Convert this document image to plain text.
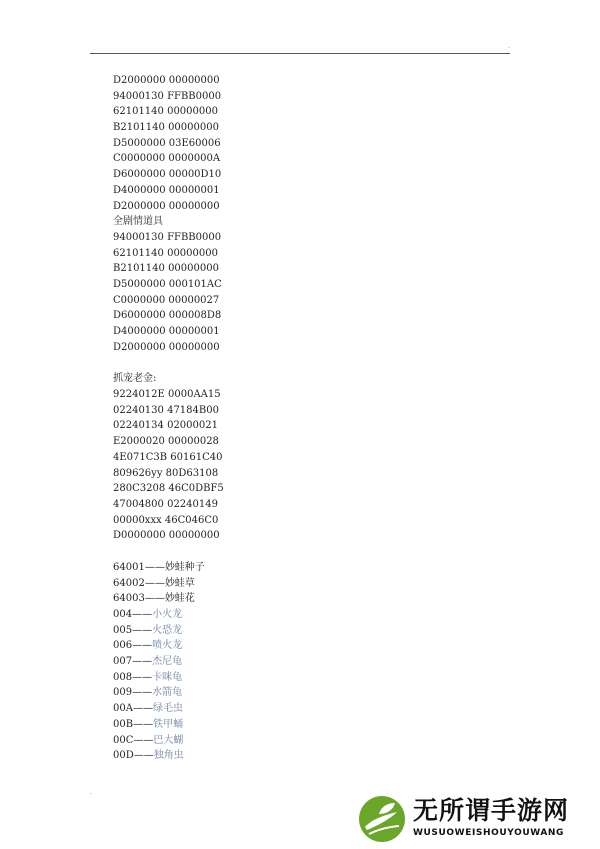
.
D2000000 00000000
94000130 FFBB0000
62101140 00000000
B2101140 00000000
D5000000 03E60006
C0000000 0000000A
D6000000 00000D10
D4000000 00000001
D2000000 00000000
全剧情道具
94000130 FFBB0000
62101140 00000000
B2101140 00000000
D5000000 000101AC
C0000000 00000027
D6000000 000008D8
D4000000 00000001
D2000000 00000000
抓宠老金:
9224012E 0000AA15
02240130 47184B00
02240134 02000021
E2000020 00000028
4E071C3B 60161C40
809626yy 80D63108
280C3208 46C0DBF5
47004800 02240149
00000xxx 46C046C0
D0000000 00000000
64001——妙蛙种子
64002——妙蛙草
64003——妙蛙花
004——小火龙
005——火恐龙
006——喷火龙
007——杰尼龟
008——卡咪龟
009——水箭龟
00A——绿毛虫
00B——铁甲蛹
00C——巴大蝴
00D——独角虫
.
无所谓手游网
WUSUOWEISHOUYOUWANG
